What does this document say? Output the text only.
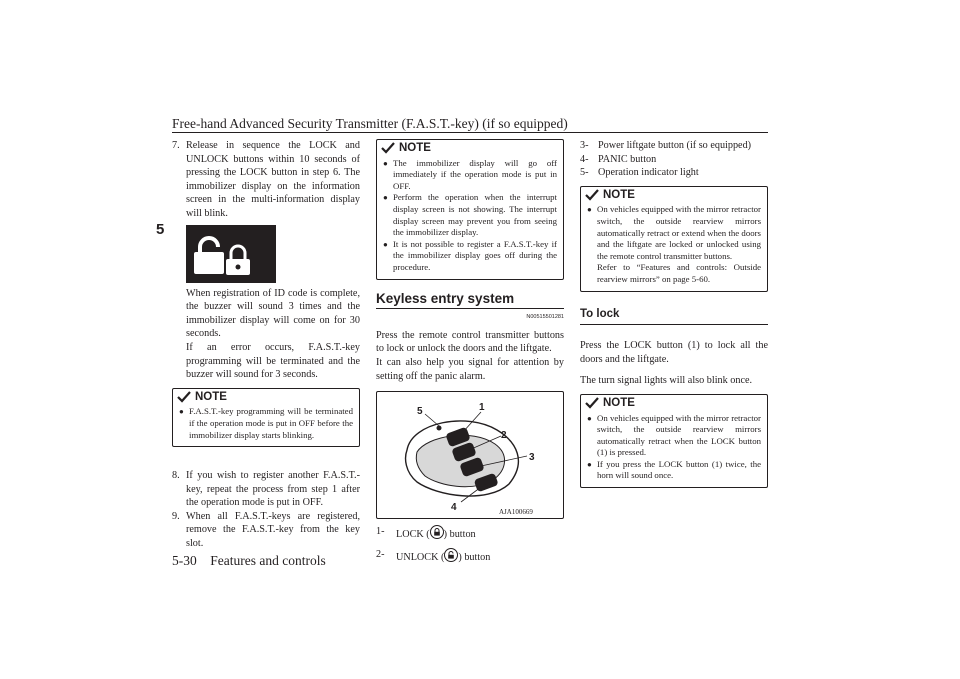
Free-hand Advanced Security Transmitter (F.A.S.T.-key) (if so equipped)
5
7. Release in sequence the LOCK and UNLOCK buttons within 10 seconds of pressing the LOCK button in step 6. The immobilizer display on the information screen in the multi-information display will blink.

When registration of ID code is complete, the buzzer will sound 3 times and the immobilizer display will come on for 30 seconds.

If an error occurs, F.A.S.T.-key programming will be terminated and the buzzer will sound for 3 seconds.

NOTE
● F.A.S.T.-key programming will be terminated if the operation mode is put in OFF before the immobilizer display starts blinking.
8. If you wish to register another F.A.S.T.-key, repeat the process from step 1 after the operation mode is put in OFF.
9. When all F.A.S.T.-keys are registered, remove the F.A.S.T.-key from the key slot.
NOTE
● The immobilizer display will go off immediately if the operation mode is put in OFF.
● Perform the operation when the interrupt display screen is not showing. The interrupt display screen may prevent you from seeing the immobilizer display.
● It is not possible to register a F.A.S.T.-key if the immobilizer display goes off during the procedure.
Keyless entry system
N00515501281

Press the remote control transmitter buttons to lock or unlock the doors and the liftgate.

It can also help you signal for attention by setting off the panic alarm.

5	1
2
3
4	AJA100669
1-	LOCK ( ) button
2-	UNLOCK ( ) button
3- Power liftgate button (if so equipped)
4- PANIC button
5- Operation indicator light
NOTE
● On vehicles equipped with the mirror retractor switch, the outside rearview mirrors automatically retract or extend when the doors and the liftgate are locked or unlocked using the remote control transmitter buttons.
Refer to “Features and controls: Outside rearview mirrors” on page 5-60.
To lock

Press the LOCK button (1) to lock all the doors and the liftgate.

The turn signal lights will also blink once.

NOTE
● On vehicles equipped with the mirror retractor switch, the outside rearview mirrors automatically retract when the LOCK button (1) is pressed.
● If you press the LOCK button (1) twice, the horn will sound once.
5-30    Features and controls
